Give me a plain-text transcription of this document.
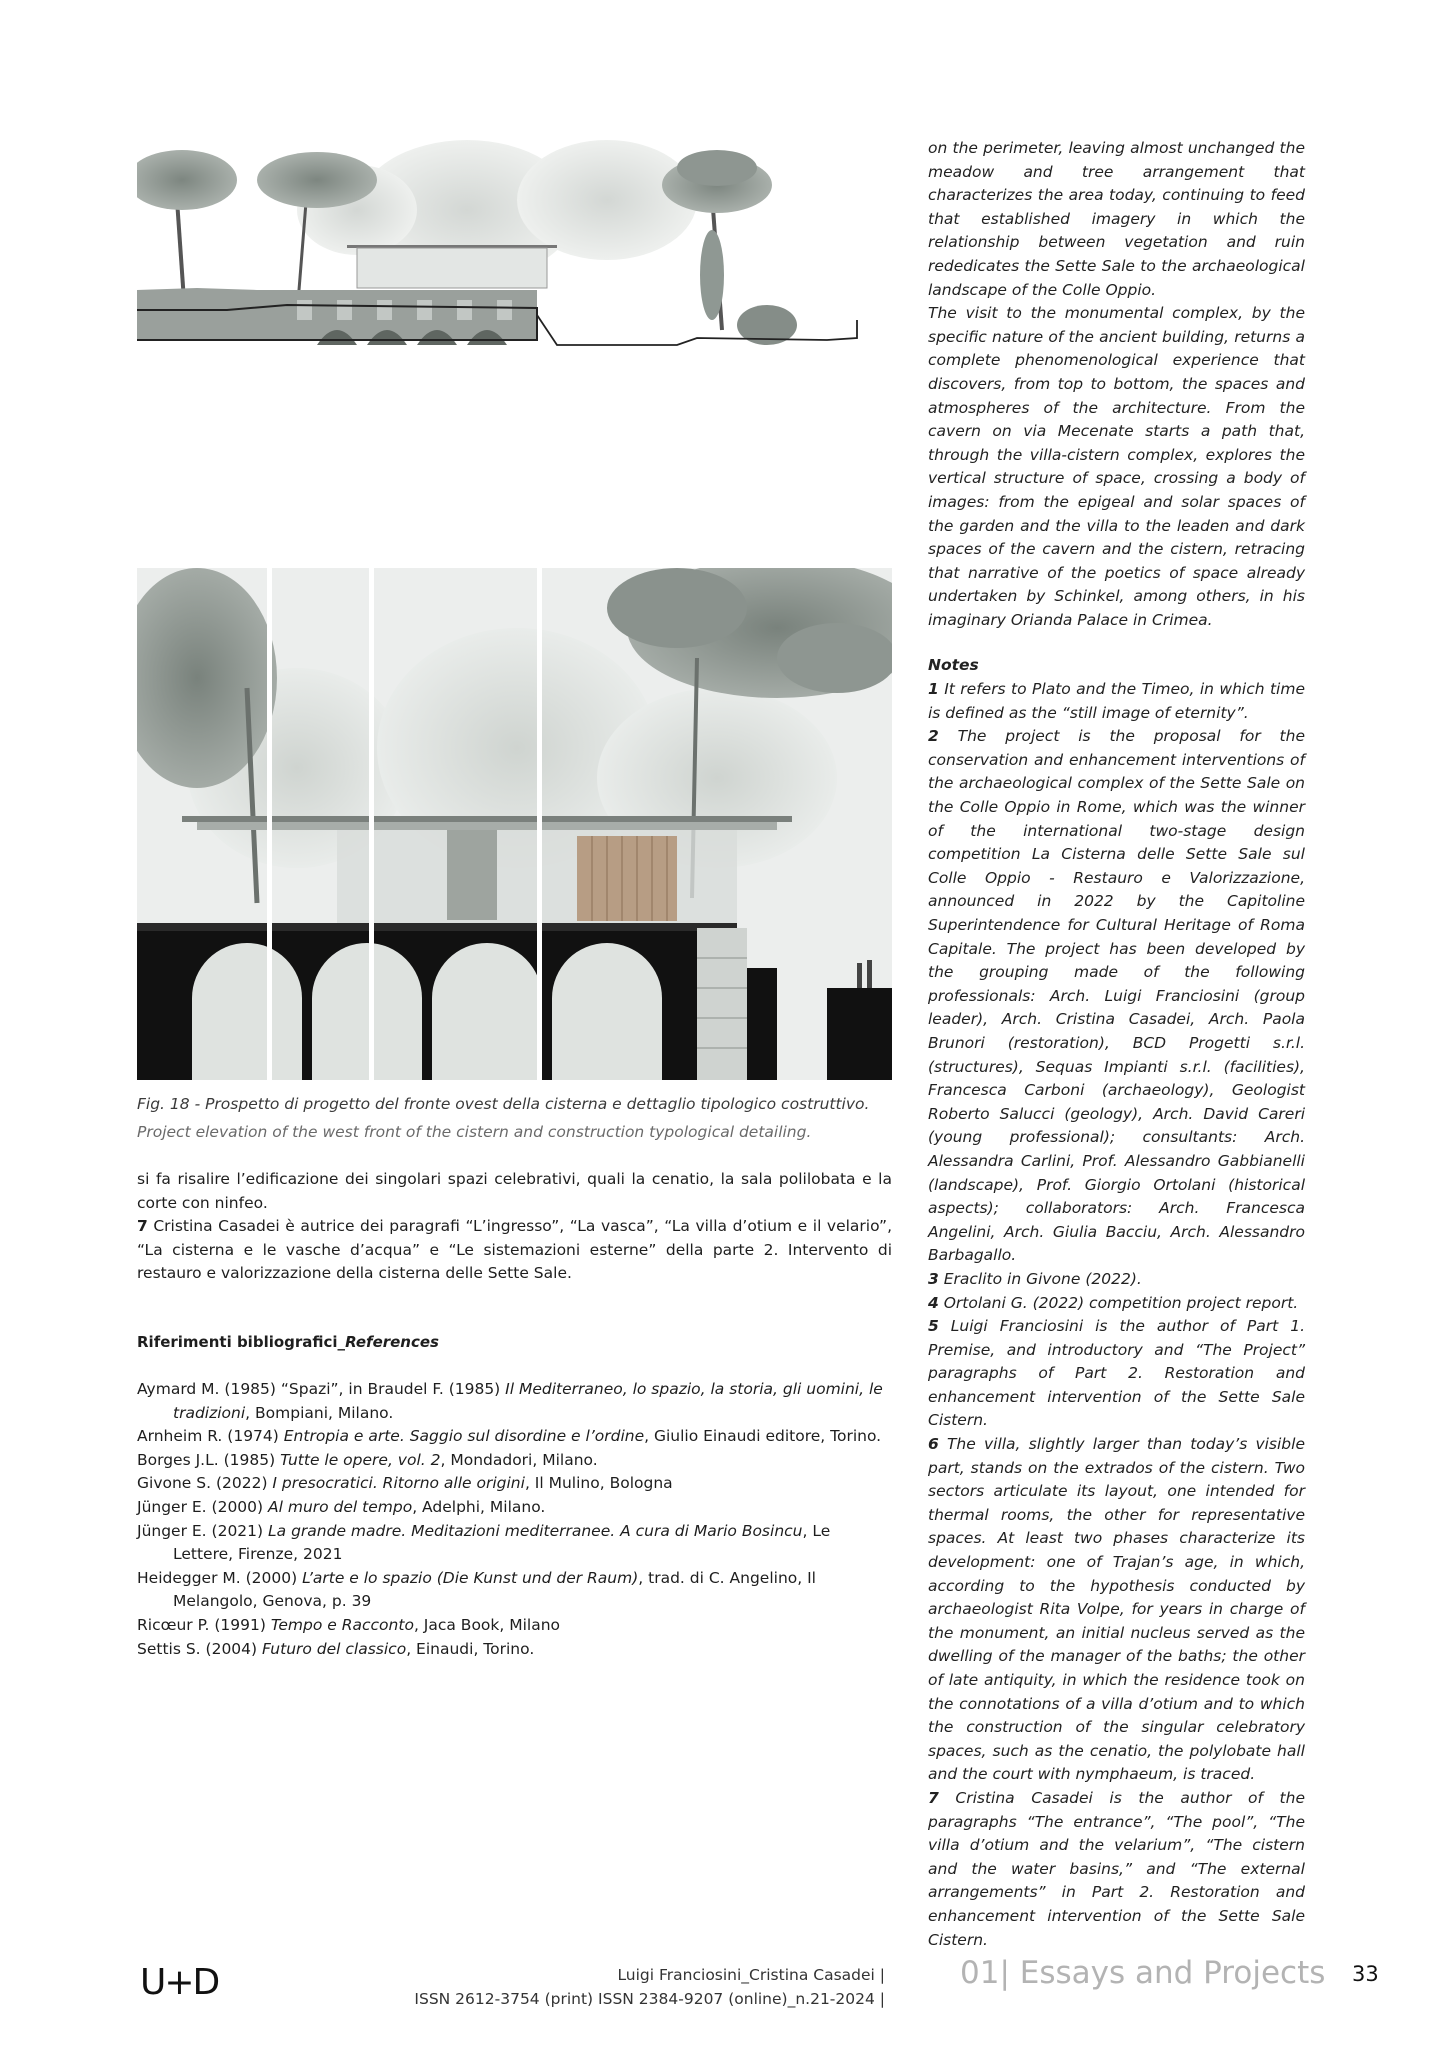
Fig. 18 - Prospetto di progetto del fronte ovest della cisterna e dettaglio tipologico costruttivo.
Project elevation of the west front of the cistern and construction typological detailing.

si fa risalire l’edificazione dei singolari spazi celebrativi, quali la cenatio, la sala polilobata e la corte con ninfeo.

7 Cristina Casadei è autrice dei paragrafi “L’ingresso”, “La vasca”, “La villa d’otium e il velario”, “La cisterna e le vasche d’acqua” e “Le sistemazioni esterne” della parte 2. Intervento di restauro e valorizzazione della cisterna delle Sette Sale.

Riferimenti bibliografici_References
Aymard M. (1985) “Spazi”, in Braudel F. (1985) Il Mediterraneo, lo spazio, la storia, gli uomini, le tradizioni, Bompiani, Milano.
Arnheim R. (1974) Entropia e arte. Saggio sul disordine e l’ordine, Giulio Einaudi editore, Torino.
Borges J.L. (1985) Tutte le opere, vol. 2, Mondadori, Milano.
Givone S. (2022) I presocratici. Ritorno alle origini, Il Mulino, Bologna
Jünger E. (2000) Al muro del tempo, Adelphi, Milano.
Jünger E. (2021) La grande madre. Meditazioni mediterranee. A cura di Mario Bosincu, Le Lettere, Firenze, 2021
Heidegger M. (2000) L’arte e lo spazio (Die Kunst und der Raum), trad. di C. Angelino, Il Melangolo, Genova, p. 39
Ricœur P. (1991) Tempo e Racconto, Jaca Book, Milano
Settis S. (2004) Futuro del classico, Einaudi, Torino.

on the perimeter, leaving almost unchanged the meadow and tree arrangement that characterizes the area today, continuing to feed that established imagery in which the relationship between vegetation and ruin rededicates the Sette Sale to the archaeological landscape of the Colle Oppio.

The visit to the monumental complex, by the specific nature of the ancient building, returns a complete phenomenological experience that discovers, from top to bottom, the spaces and atmospheres of the architecture. From the cavern on via Mecenate starts a path that, through the villa-cistern complex, explores the vertical structure of space, crossing a body of images: from the epigeal and solar spaces of the garden and the villa to the leaden and dark spaces of the cavern and the cistern, retracing that narrative of the poetics of space already undertaken by Schinkel, among others, in his imaginary Orianda Palace in Crimea.

Notes

1 It refers to Plato and the Timeo, in which time is defined as the “still image of eternity”.

2 The project is the proposal for the conservation and enhancement interventions of the archaeological complex of the Sette Sale on the Colle Oppio in Rome, which was the winner of the international two-stage design competition La Cisterna delle Sette Sale sul Colle Oppio - Restauro e Valorizzazione, announced in 2022 by the Capitoline Superintendence for Cultural Heritage of Roma Capitale. The project has been developed by the grouping made of the following professionals: Arch. Luigi Franciosini (group leader), Arch. Cristina Casadei, Arch. Paola Brunori (restoration), BCD Progetti s.r.l. (structures), Sequas Impianti s.r.l. (facilities), Francesca Carboni (archaeology), Geologist Roberto Salucci (geology), Arch. David Careri (young professional); consultants: Arch. Alessandra Carlini, Prof. Alessandro Gabbianelli (landscape), Prof. Giorgio Ortolani (historical aspects); collaborators: Arch. Francesca Angelini, Arch. Giulia Bacciu, Arch. Alessandro Barbagallo.

3 Eraclito in Givone (2022).

4 Ortolani G. (2022) competition project report.

5 Luigi Franciosini is the author of Part 1. Premise, and introductory and “The Project” paragraphs of Part 2. Restoration and enhancement intervention of the Sette Sale Cistern.

6 The villa, slightly larger than today’s visible part, stands on the extrados of the cistern. Two sectors articulate its layout, one intended for thermal rooms, the other for representative spaces. At least two phases characterize its development: one of Trajan’s age, in which, according to the hypothesis conducted by archaeologist Rita Volpe, for years in charge of the monument, an initial nucleus served as the dwelling of the manager of the baths; the other of late antiquity, in which the residence took on the connotations of a villa d’otium and to which the construction of the singular celebratory spaces, such as the cenatio, the polylobate hall and the court with nymphaeum, is traced.

7 Cristina Casadei is the author of the paragraphs “The entrance”, “The pool”, “The villa d’otium and the velarium”, “The cistern and the water basins,” and “The external arrangements” in Part 2. Restoration and enhancement intervention of the Sette Sale Cistern.

U+D	Luigi Franciosini_Cristina Casadei |
ISSN 2612-3754 (print) ISSN 2384-9207 (online)_n.21-2024 |
01| Essays and Projects 33
